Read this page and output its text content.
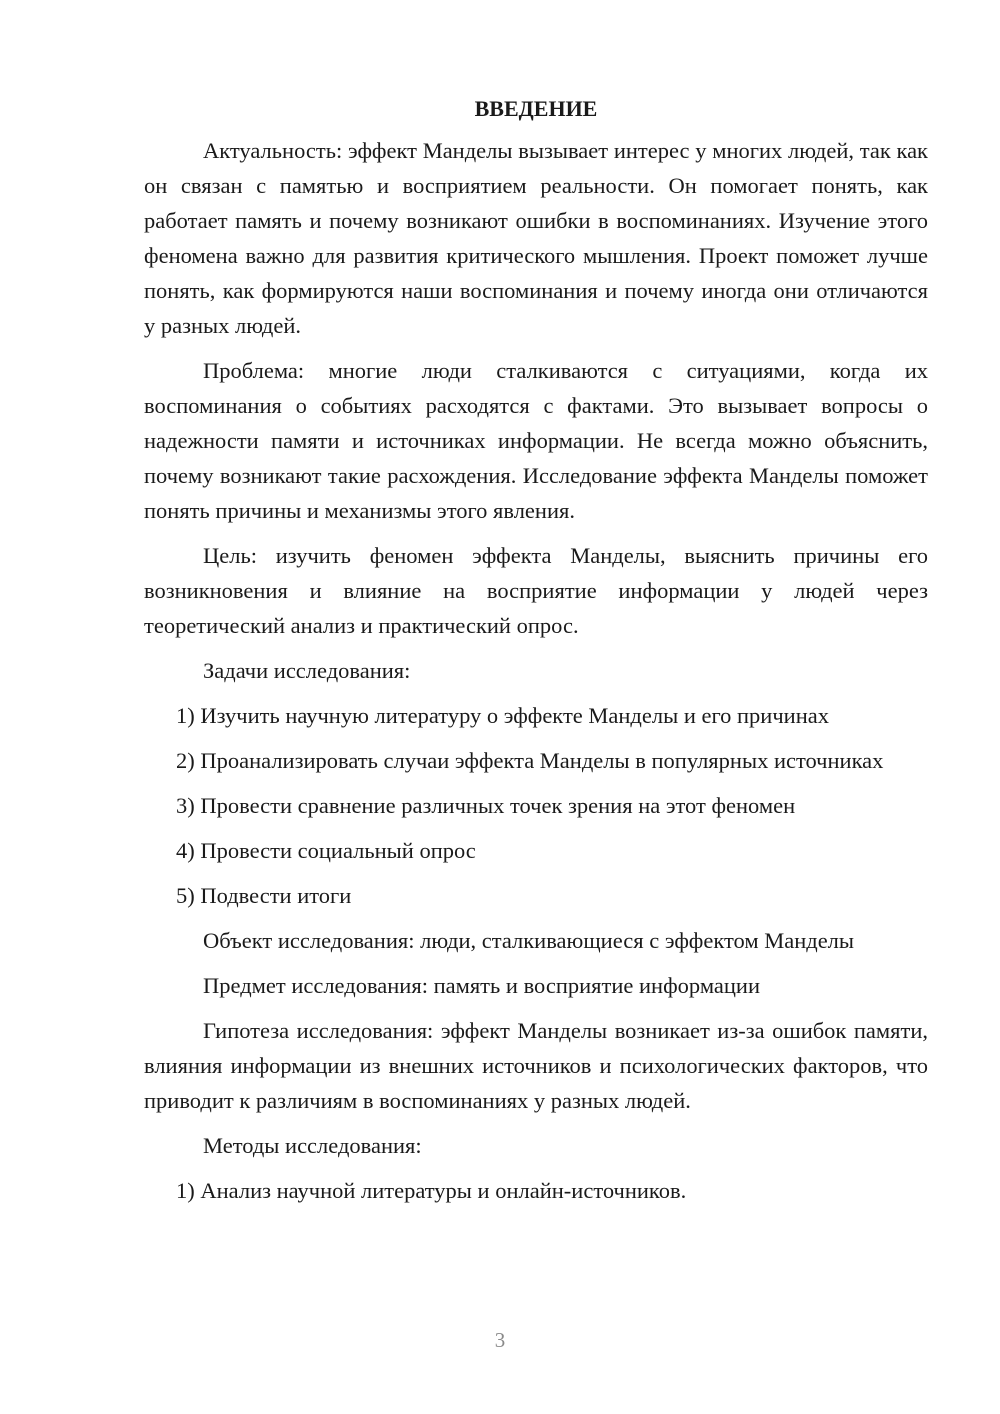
ВВЕДЕНИЕ

Актуальность: эффект Манделы вызывает интерес у многих людей, так как он связан с памятью и восприятием реальности. Он помогает понять, как работает память и почему возникают ошибки в воспоминаниях. Изучение этого феномена важно для развития критического мышления. Проект поможет лучше понять, как формируются наши воспоминания и почему иногда они отличаются у разных людей.

Проблема: многие люди сталкиваются с ситуациями, когда их воспоминания о событиях расходятся с фактами. Это вызывает вопросы о надежности памяти и источниках информации. Не всегда можно объяснить, почему возникают такие расхождения. Исследование эффекта Манделы поможет понять причины и механизмы этого явления.

Цель: изучить феномен эффекта Манделы, выяснить причины его возникновения и влияние на восприятие информации у людей через теоретический анализ и практический опрос.

Задачи исследования:

1) Изучить научную литературу о эффекте Манделы и его причинах

2) Проанализировать случаи эффекта Манделы в популярных источниках

3) Провести сравнение различных точек зрения на этот феномен

4) Провести социальный опрос

5) Подвести итоги

Объект исследования: люди, сталкивающиеся с эффектом Манделы

Предмет исследования: память и восприятие информации

Гипотеза исследования: эффект Манделы возникает из-за ошибок памяти, влияния информации из внешних источников и психологических факторов, что приводит к различиям в воспоминаниях у разных людей.

Методы исследования:

1) Анализ научной литературы и онлайн-источников.

3
